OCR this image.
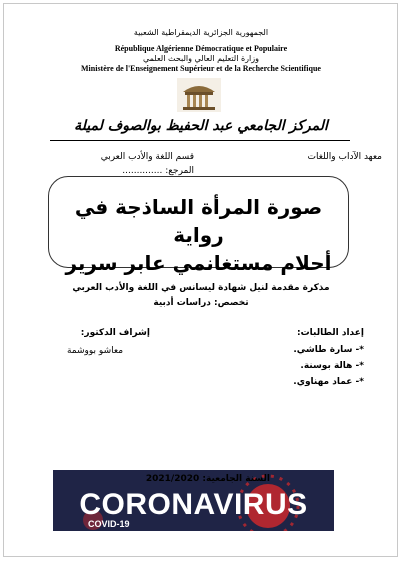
الجمهورية الجزائرية الديمقراطية الشعبية
République Algérienne Démocratique et Populaire
وزارة التعليم العالي والبحث العلمي
Ministère de l'Enseignement Supérieur et de la Recherche Scientifique
المركز الجامعي عبد الحفيظ بوالصوف لميلة
معهد الآداب واللغات
قسم اللغة والأدب العربي
المرجع: ..............
صورة المرأة الساذجة في رواية
أحلام مستغانمي عابر سرير
مذكرة مقدمة لنيل شهادة ليسانس في اللغة والأدب العربي
تخصص: دراسات أدبية
إعداد الطالبات:
*- سارة طاشي.
*- هالة بوسنة.
*- عماد مهناوي.
إشراف الدكتور:
معاشو بووشمة
السنة الجامعية: 2021/2020
CORONAVIRUS
COVID-19
